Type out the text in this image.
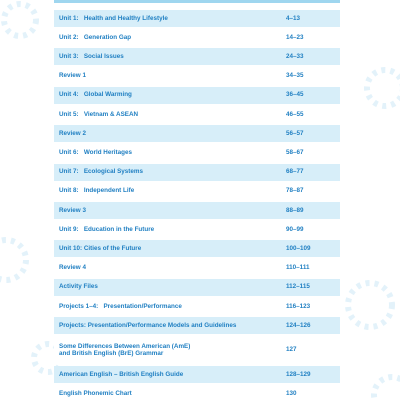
Unit 1:   Health and Healthy Lifestyle	4–13
Unit 2:   Generation Gap	14–23
Unit 3:   Social Issues	24–33
Review 1	34–35
Unit 4:   Global Warming	36–45
Unit 5:   Vietnam & ASEAN	46–55
Review 2	56–57
Unit 6:   World Heritages	58–67
Unit 7:   Ecological Systems	68–77
Unit 8:   Independent Life	78–87
Review 3	88–89
Unit 9:   Education in the Future	90–99
Unit 10: Cities of the Future	100–109
Review 4	110–111
Activity Files	112–115
Projects 1–4:   Presentation/Performance	116–123
Projects: Presentation/Performance Models and Guidelines	124–126
Some Differences Between American (AmE)
and British English (BrE) Grammar
127
American English – British English Guide	128–129
English Phonemic Chart	130
